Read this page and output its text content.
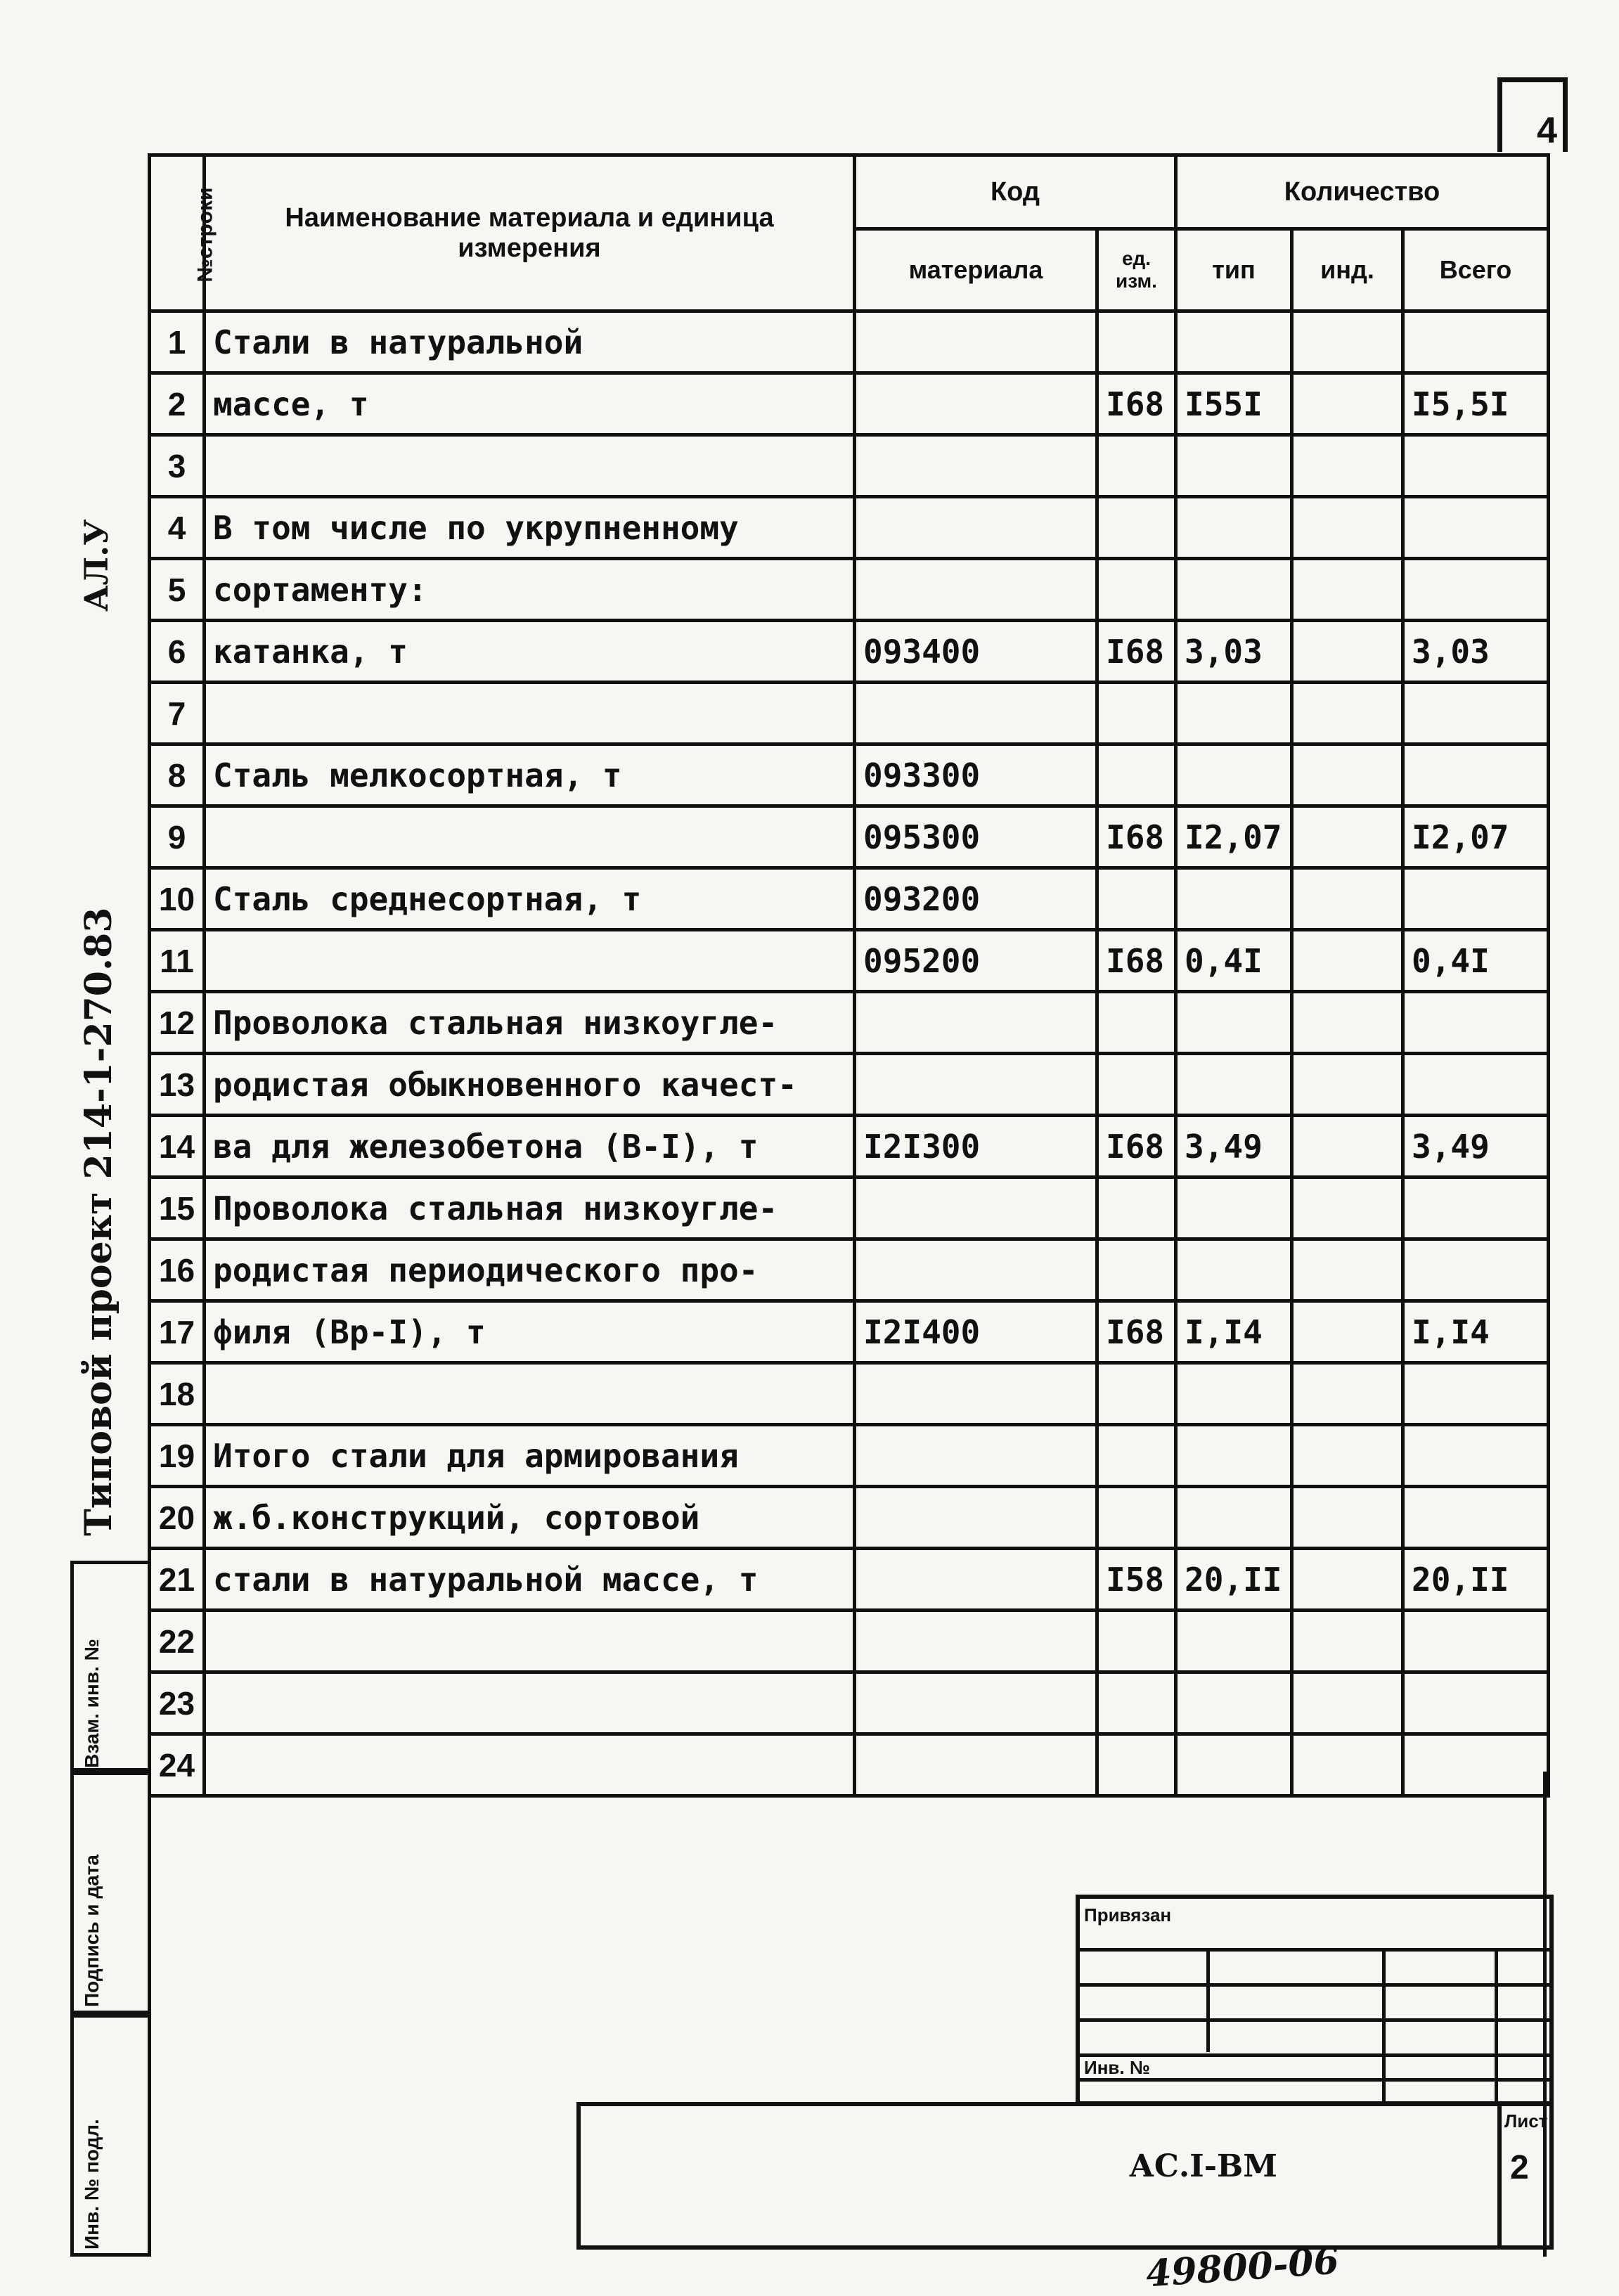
4
АЛ.У
Типовой проект 214-1-270.83
Взам. инв. №
Подпись и дата
Инв. № подл.
№строки	Наименование материала и единица измерения	Код		Количество		
		материала	ед. изм.	тип	инд.	Всего
1	Стали в натуральной					
2	массе, т		I68	I55I		I5,5I
3						
4	В том числе по укрупненному					
5	сортаменту:					
6	катанка, т	093400	I68	3,03		3,03
7						
8	Сталь мелкосортная, т	093300				
9		095300	I68	I2,07		I2,07
10	Сталь среднесортная, т	093200				
11		095200	I68	0,4I		0,4I
12	Проволока стальная низкоугле-					
13	родистая обыкновенного качест-					
14	ва для железобетона (В-I), т	I2I300	I68	3,49		3,49
15	Проволока стальная низкоугле-					
16	родистая периодического про-					
17	филя (Вр-I), т	I2I400	I68	I,I4		I,I4
18						
19	Итого стали для армирования					
20	ж.б.конструкций, сортовой					
21	стали в натуральной массе, т		I58	20,II		20,II
22						
23						
24						
Привязан
Инв. №
АС.I-ВМ
Лист
2
49800-06
